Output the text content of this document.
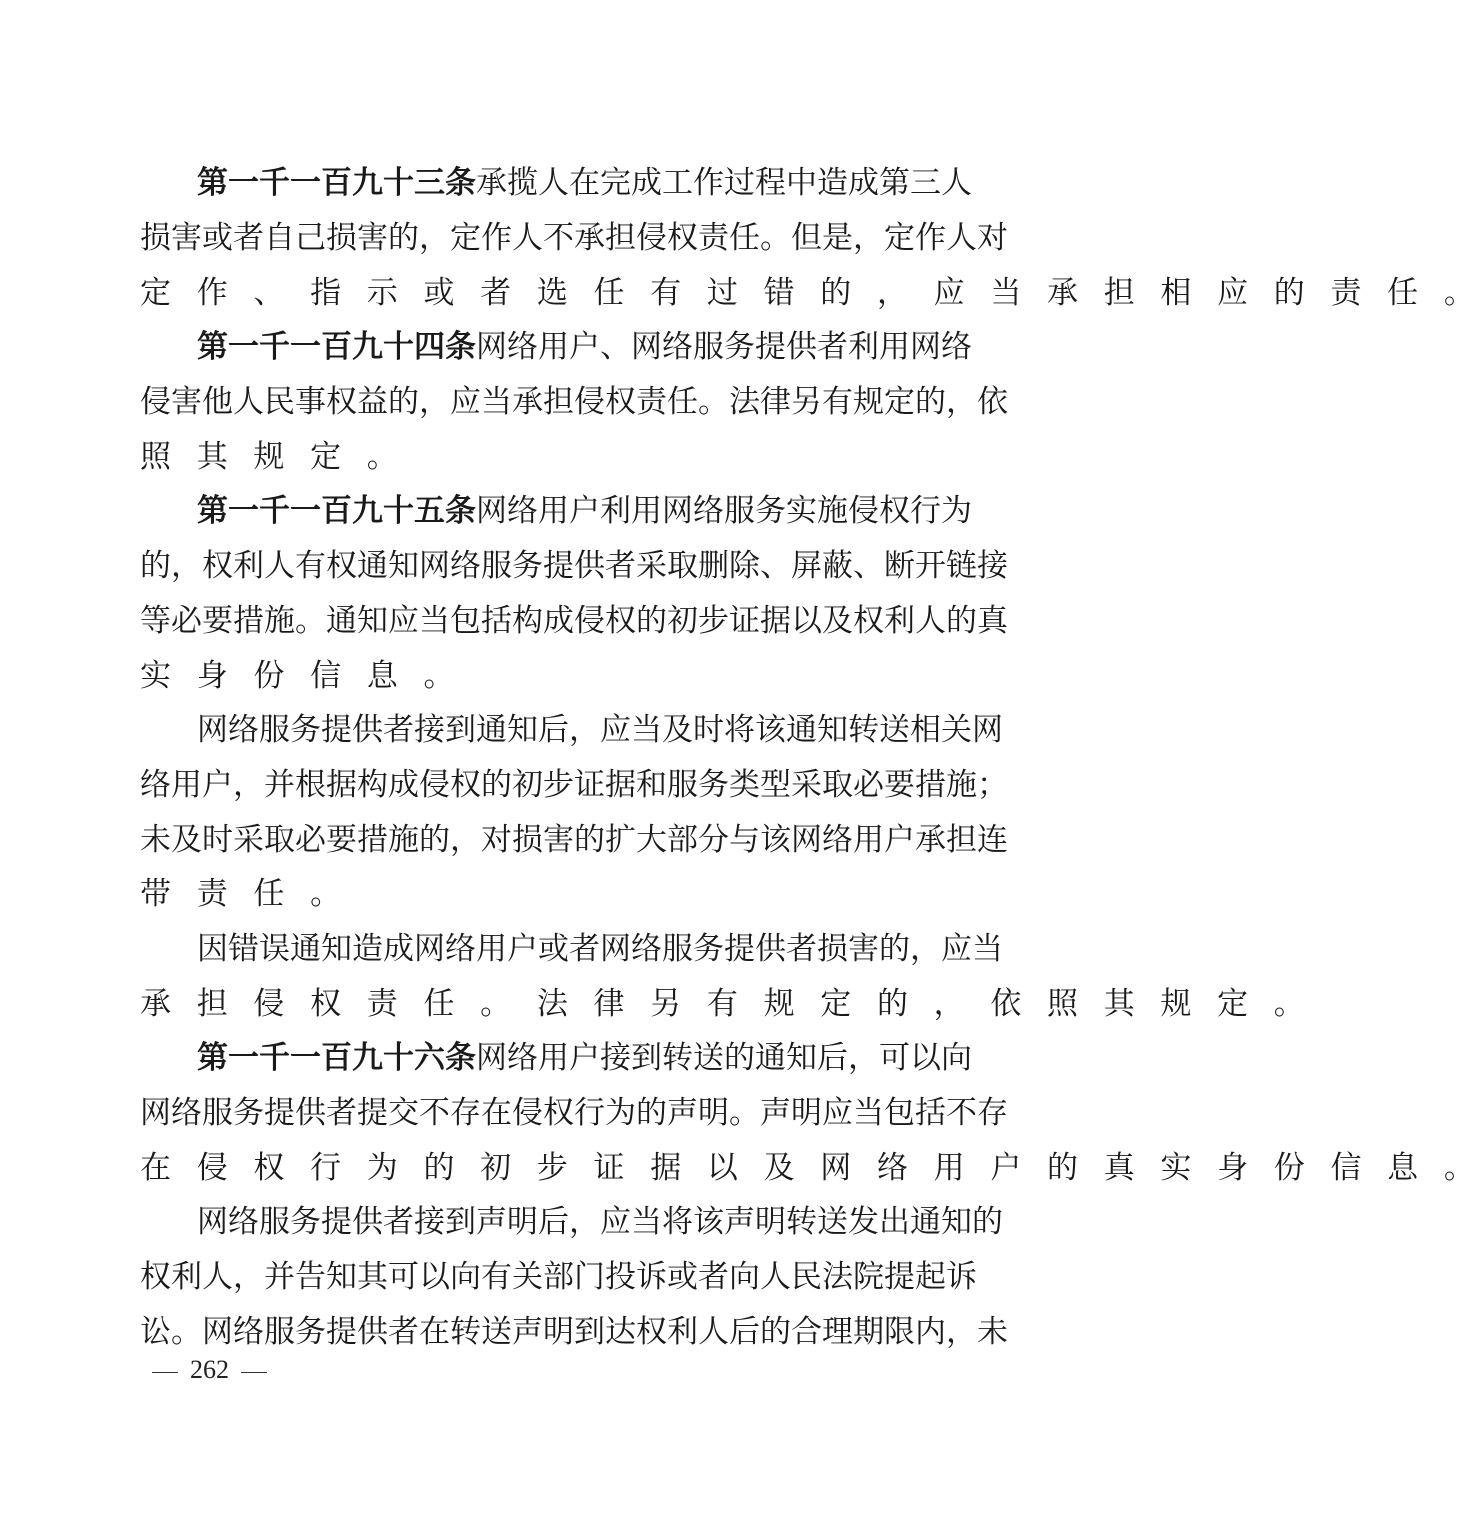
第 一 千 一 百 九 十 三 条 承 揽 人 在 完 成 工 作 过 程 中 造 成 第 三 人
损 害 或 者 自 己 损 害 的 ， 定 作 人 不 承 担 侵 权 责 任 。 但 是 ， 定 作 人 对
定 作 、 指 示 或 者 选 任 有 过 错 的 ， 应 当 承 担 相 应 的 责 任 。
第 一 千 一 百 九 十 四 条 网 络 用 户 、 网 络 服 务 提 供 者 利 用 网 络
侵 害 他 人 民 事 权 益 的 ， 应 当 承 担 侵 权 责 任 。 法 律 另 有 规 定 的 ， 依
照 其 规 定 。
第 一 千 一 百 九 十 五 条 网 络 用 户 利 用 网 络 服 务 实 施 侵 权 行 为
的 ， 权 利 人 有 权 通 知 网 络 服 务 提 供 者 采 取 删 除 、 屏 蔽 、 断 开 链 接
等 必 要 措 施 。 通 知 应 当 包 括 构 成 侵 权 的 初 步 证 据 以 及 权 利 人 的 真
实 身 份 信 息 。
网 络 服 务 提 供 者 接 到 通 知 后 ， 应 当 及 时 将 该 通 知 转 送 相 关 网
络 用 户 ， 并 根 据 构 成 侵 权 的 初 步 证 据 和 服 务 类 型 采 取 必 要 措 施 ；
未 及 时 采 取 必 要 措 施 的 ， 对 损 害 的 扩 大 部 分 与 该 网 络 用 户 承 担 连
带 责 任 。
因 错 误 通 知 造 成 网 络 用 户 或 者 网 络 服 务 提 供 者 损 害 的 ， 应 当
承 担 侵 权 责 任 。 法 律 另 有 规 定 的 ， 依 照 其 规 定 。
第 一 千 一 百 九 十 六 条 网 络 用 户 接 到 转 送 的 通 知 后 ， 可 以 向
网 络 服 务 提 供 者 提 交 不 存 在 侵 权 行 为 的 声 明 。 声 明 应 当 包 括 不 存
在 侵 权 行 为 的 初 步 证 据 以 及 网 络 用 户 的 真 实 身 份 信 息 。
网 络 服 务 提 供 者 接 到 声 明 后 ， 应 当 将 该 声 明 转 送 发 出 通 知 的
权 利 人 ， 并 告 知 其 可 以 向 有 关 部 门 投 诉 或 者 向 人 民 法 院 提 起 诉
讼 。 网 络 服 务 提 供 者 在 转 送 声 明 到 达 权 利 人 后 的 合 理 期 限 内 ， 未
262
